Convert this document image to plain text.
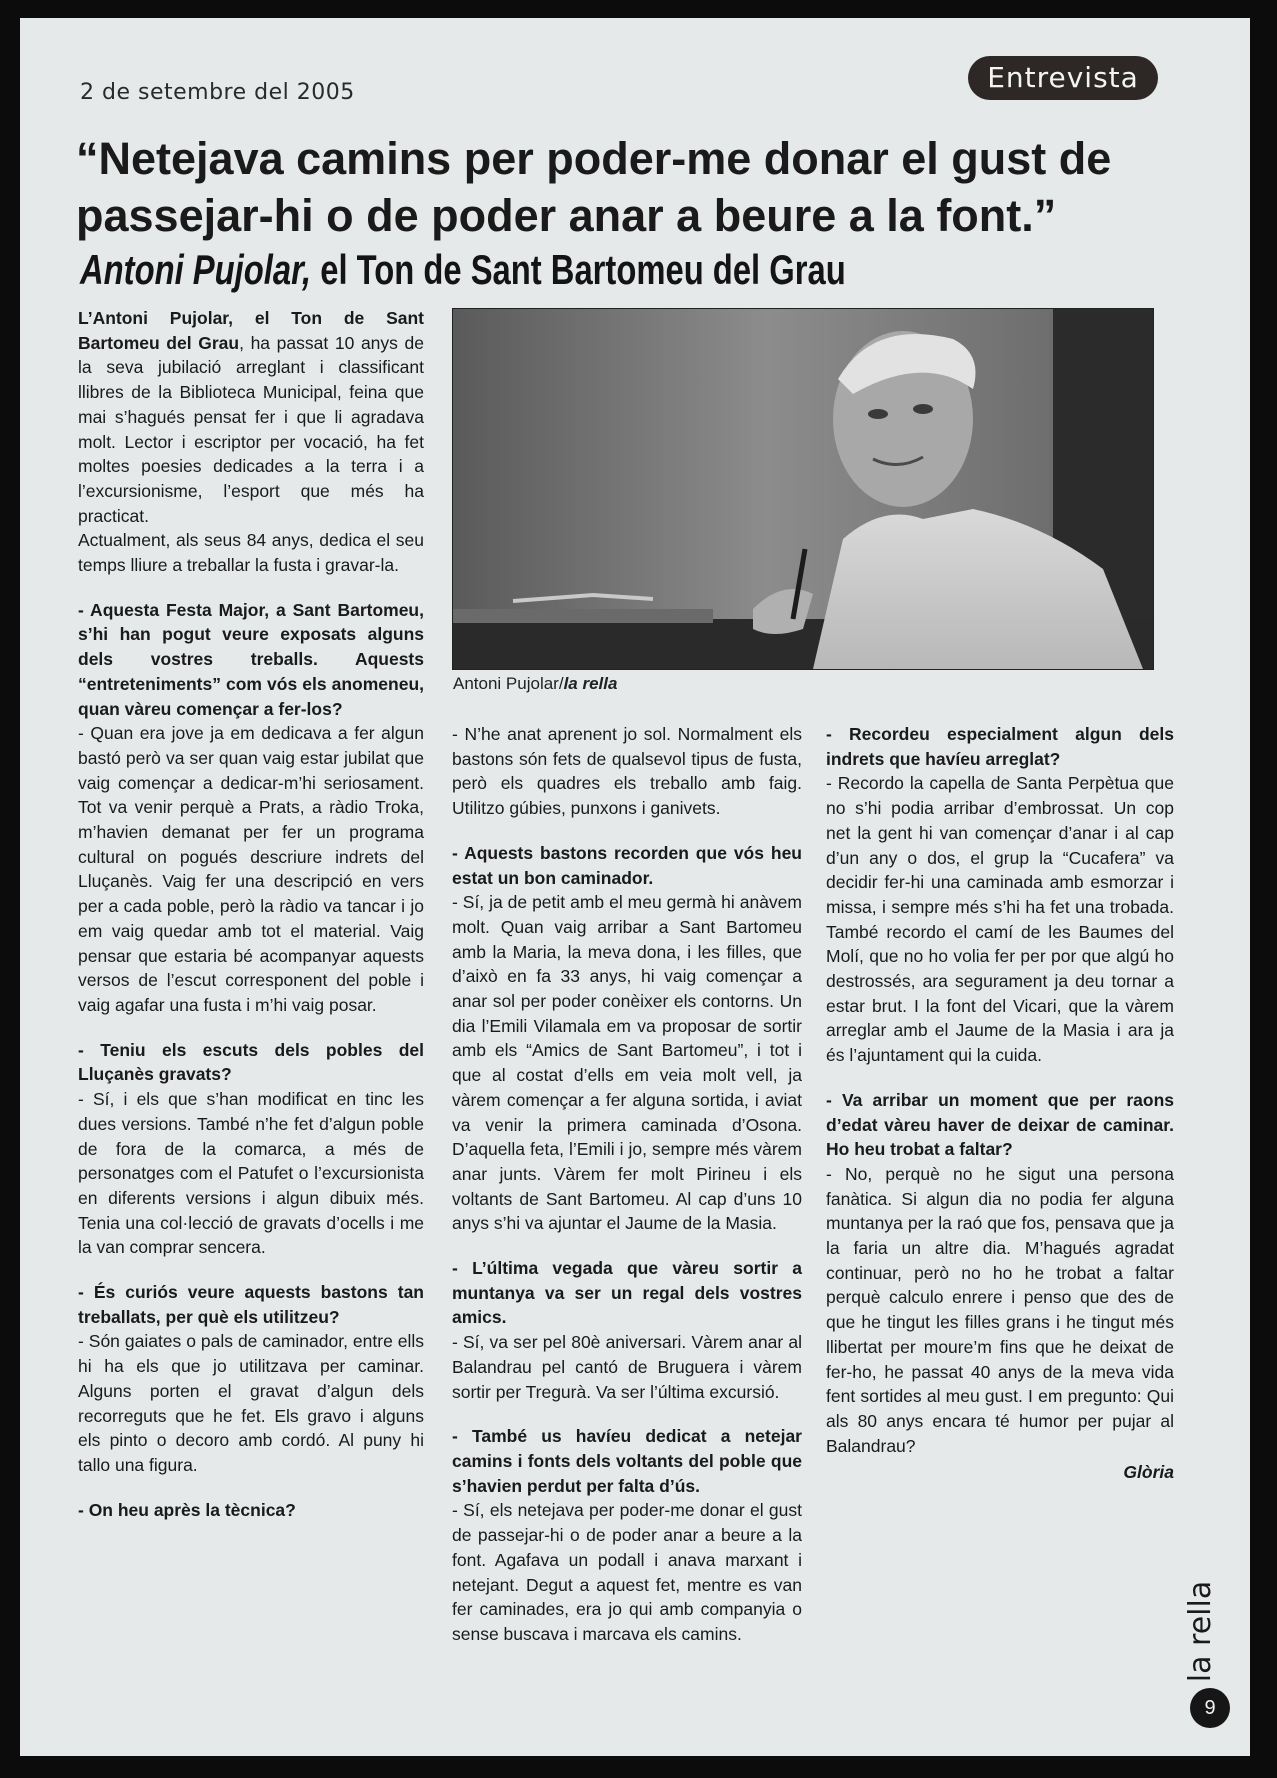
2 de setembre del 2005	Entrevista
“Netejava camins per poder-me donar el gust de passejar-hi o de poder anar a beure a la font.”
Antoni Pujolar, el Ton de Sant Bartomeu del Grau
Antoni Pujolar/la rella

L’Antoni Pujolar, el Ton de Sant Bartomeu del Grau, ha passat 10 anys de la seva jubilació arreglant i classificant llibres de la Biblioteca Municipal, feina que mai s’hagués pensat fer i que li agradava molt. Lector i escriptor per vocació, ha fet moltes poesies dedicades a la terra i a l’excursionisme, l’esport que més ha practicat.

Actualment, als seus 84 anys, dedica el seu temps lliure a treballar la fusta i gravar-la.

- Aquesta Festa Major, a Sant Bartomeu, s’hi han pogut veure exposats alguns dels vostres treballs. Aquests “entreteniments” com vós els anomeneu, quan vàreu començar a fer-los?

- Quan era jove ja em dedicava a fer algun bastó però va ser quan vaig estar jubilat que vaig començar a dedicar-m’hi seriosament. Tot va venir perquè a Prats, a ràdio Troka, m’havien demanat per fer un programa cultural on pogués descriure indrets del Lluçanès. Vaig fer una descripció en vers per a cada poble, però la ràdio va tancar i jo em vaig quedar amb tot el material. Vaig pensar que estaria bé acompanyar aquests versos de l’escut corresponent del poble i vaig agafar una fusta i m’hi vaig posar.

- Teniu els escuts dels pobles del Lluçanès gravats?

- Sí, i els que s’han modificat en tinc les dues versions. També n’he fet d’algun poble de fora de la comarca, a més de personatges com el Patufet o l’excursionista en diferents versions i algun dibuix més. Tenia una col·lecció de gravats d’ocells i me la van comprar sencera.

- És curiós veure aquests bastons tan treballats, per què els utilitzeu?

- Són gaiates o pals de caminador, entre ells hi ha els que jo utilitzava per caminar. Alguns porten el gravat d’algun dels recorreguts que he fet. Els gravo i alguns els pinto o decoro amb cordó. Al puny hi tallo una figura.

- On heu après la tècnica?

- N’he anat aprenent jo sol. Normalment els bastons són fets de qualsevol tipus de fusta, però els quadres els treballo amb faig. Utilitzo gúbies, punxons i ganivets.

- Aquests bastons recorden que vós heu estat un bon caminador.

- Sí, ja de petit amb el meu germà hi anàvem molt. Quan vaig arribar a Sant Bartomeu amb la Maria, la meva dona, i les filles, que d’això en fa 33 anys, hi vaig començar a anar sol per poder conèixer els contorns. Un dia l’Emili Vilamala em va proposar de sortir amb els “Amics de Sant Bartomeu”, i tot i que al costat d’ells em veia molt vell, ja vàrem començar a fer alguna sortida, i aviat va venir la primera caminada d’Osona. D’aquella feta, l’Emili i jo, sempre més vàrem anar junts. Vàrem fer molt Pirineu i els voltants de Sant Bartomeu. Al cap d’uns 10 anys s’hi va ajuntar el Jaume de la Masia.

- L’última vegada que vàreu sortir a muntanya va ser un regal dels vostres amics.

- Sí, va ser pel 80è aniversari. Vàrem anar al Balandrau pel cantó de Bruguera i vàrem sortir per Tregurà. Va ser l’última excursió.

- També us havíeu dedicat a netejar camins i fonts dels voltants del poble que s’havien perdut per falta d’ús.

- Sí, els netejava per poder-me donar el gust de passejar-hi o de poder anar a beure a la font. Agafava un podall i anava marxant i netejant. Degut a aquest fet, mentre es van fer caminades, era jo qui amb companyia o sense buscava i marcava els camins.

- Recordeu especialment algun dels indrets que havíeu arreglat?

- Recordo la capella de Santa Perpètua que no s’hi podia arribar d’embrossat. Un cop net la gent hi van començar d’anar i al cap d’un any o dos, el grup la “Cucafera” va decidir fer-hi una caminada amb esmorzar i missa, i sempre més s’hi ha fet una trobada. També recordo el camí de les Baumes del Molí, que no ho volia fer per por que algú ho destrossés, ara segurament ja deu tornar a estar brut. I la font del Vicari, que la vàrem arreglar amb el Jaume de la Masia i ara ja és l’ajuntament qui la cuida.

- Va arribar un moment que per raons d’edat vàreu haver de deixar de caminar. Ho heu trobat a faltar?

- No, perquè no he sigut una persona fanàtica. Si algun dia no podia fer alguna muntanya per la raó que fos, pensava que ja la faria un altre dia. M’hagués agradat continuar, però no ho he trobat a faltar perquè calculo enrere i penso que des de que he tingut les filles grans i he tingut més llibertat per moure’m fins que he deixat de fer-ho, he passat 40 anys de la meva vida fent sortides al meu gust. I em pregunto: Qui als 80 anys encara té humor per pujar al Balandrau?

Glòria

la rella
9
